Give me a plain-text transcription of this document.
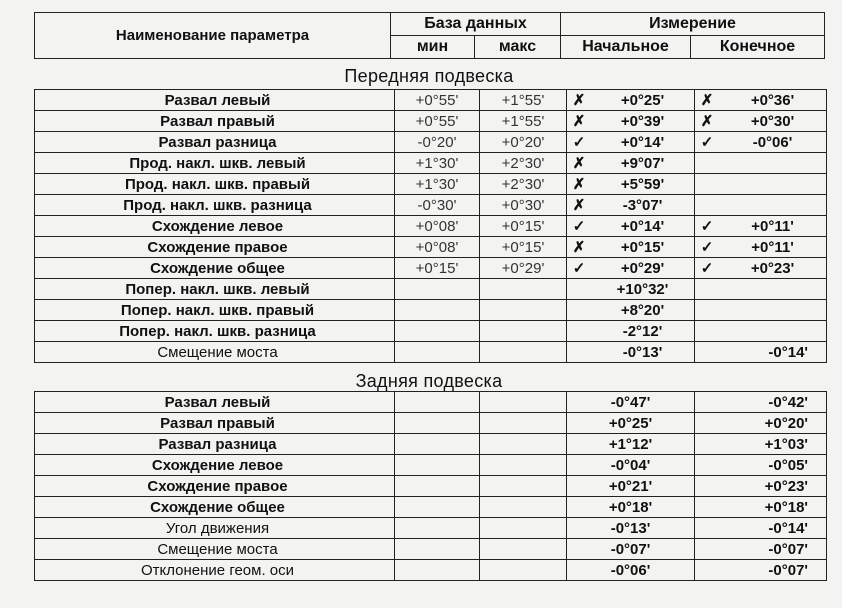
Наименование параметра	База данных		Измерение	
	мин	макс	Начальное	Конечное
Передняя подвеска
Развал левый	+0°55'	+1°55'	✗ +0°25'	✗ +0°36'

Развал правый	+0°55'	+1°55'	✗ +0°39'	✗ +0°30'

Развал разница	-0°20'	+0°20'	✓ +0°14'	✓ -0°06'

Прод. накл. шкв. левый	+1°30'	+2°30'	✗ +9°07'	

Прод. накл. шкв. правый	+1°30'	+2°30'	✗ +5°59'	

Прод. накл. шкв. разница	-0°30'	+0°30'	✗ -3°07'	

Схождение левое	+0°08'	+0°15'	✓ +0°14'	✓ +0°11'

Схождение правое	+0°08'	+0°15'	✗ +0°15'	✓ +0°11'

Схождение общее	+0°15'	+0°29'	✓ +0°29'	✓ +0°23'

Попер. накл. шкв. левый			+10°32'	

Попер. накл. шкв. правый			+8°20'	

Попер. накл. шкв. разница			-2°12'	

Смещение моста			-0°13'	-0°14'
Задняя подвеска
Развал левый			-0°47'	-0°42'

Развал правый			+0°25'	+0°20'

Развал разница			+1°12'	+1°03'

Схождение левое			-0°04'	-0°05'

Схождение правое			+0°21'	+0°23'

Схождение общее			+0°18'	+0°18'

Угол движения			-0°13'	-0°14'

Смещение моста			-0°07'	-0°07'

Отклонение геом. оси			-0°06'	-0°07'
